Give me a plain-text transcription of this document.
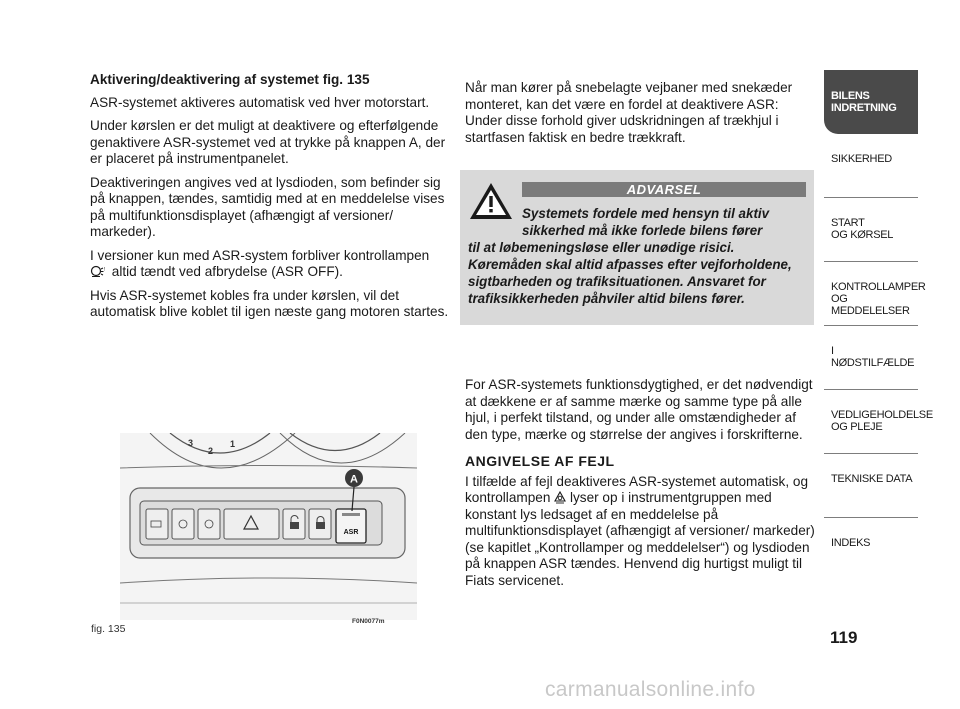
Aktivering/deaktivering af systemet fig. 135

ASR-systemet aktiveres automatisk ved hver motorstart.

Under kørslen er det muligt at deaktivere og efterfølgende genaktivere ASR-systemet ved at trykke på knappen A, der er placeret på instrumentpanelet.

Deaktiveringen angives ved at lysdioden, som befinder sig på knappen, tændes, samtidig med at en meddelelse vises på multifunktionsdisplayet (afhængigt af versioner/ markeder).

I versioner kun med ASR-system forbliver kontrollampen
! altid tændt ved afbrydelse (ASR OFF).

Hvis ASR-systemet kobles fra under kørslen, vil det automatisk blive koblet til igen næste gang motoren startes.

Når man kører på snebelagte vejbaner med snekæder monteret, kan det være en fordel at deaktivere ASR: Under disse forhold giver udskridningen af trækhjul i startfasen faktisk en bedre trækkraft.

ADVARSEL
Systemets fordele med hensyn til aktiv sikkerhed må ikke forlede bilens fører
til at løbemeningsløse eller unødige risici. Køremåden skal altid afpasses efter vejforholdene, sigtbarheden og trafiksituationen. Ansvaret for trafiksikkerheden påhviler altid bilens fører.

For ASR-systemets funktionsdygtighed, er det nødvendigt at dækkene er af samme mærke og samme type på alle hjul, i perfekt tilstand, og under alle omstændigheder af den type, mærke og størrelse der angives i forskrifterne.

ANGIVELSE AF FEJL

I tilfælde af fejl deaktiveres ASR-systemet automatisk, og kontrollampen lyser op i instrumentgruppen med konstant lys ledsaget af en meddelelse på multifunktionsdisplayet (afhængigt af versioner/ markeder) (se kapitlet „Kontrollamper og meddelelser“) og lysdioden på knappen ASR tændes. Henvend dig hurtigst muligt til Fiats servicenet.

3
2
1
ASR
A
fig. 135
F0N0077m
BILENS
INDRETNING
SIKKERHED
START
OG KØRSEL
KONTROLLAMPER
OG MEDDELELSER
I NØDSTILFÆLDE
VEDLIGEHOLDELSE
OG PLEJE
TEKNISKE DATA
INDEKS
119
carmanualsonline.info
